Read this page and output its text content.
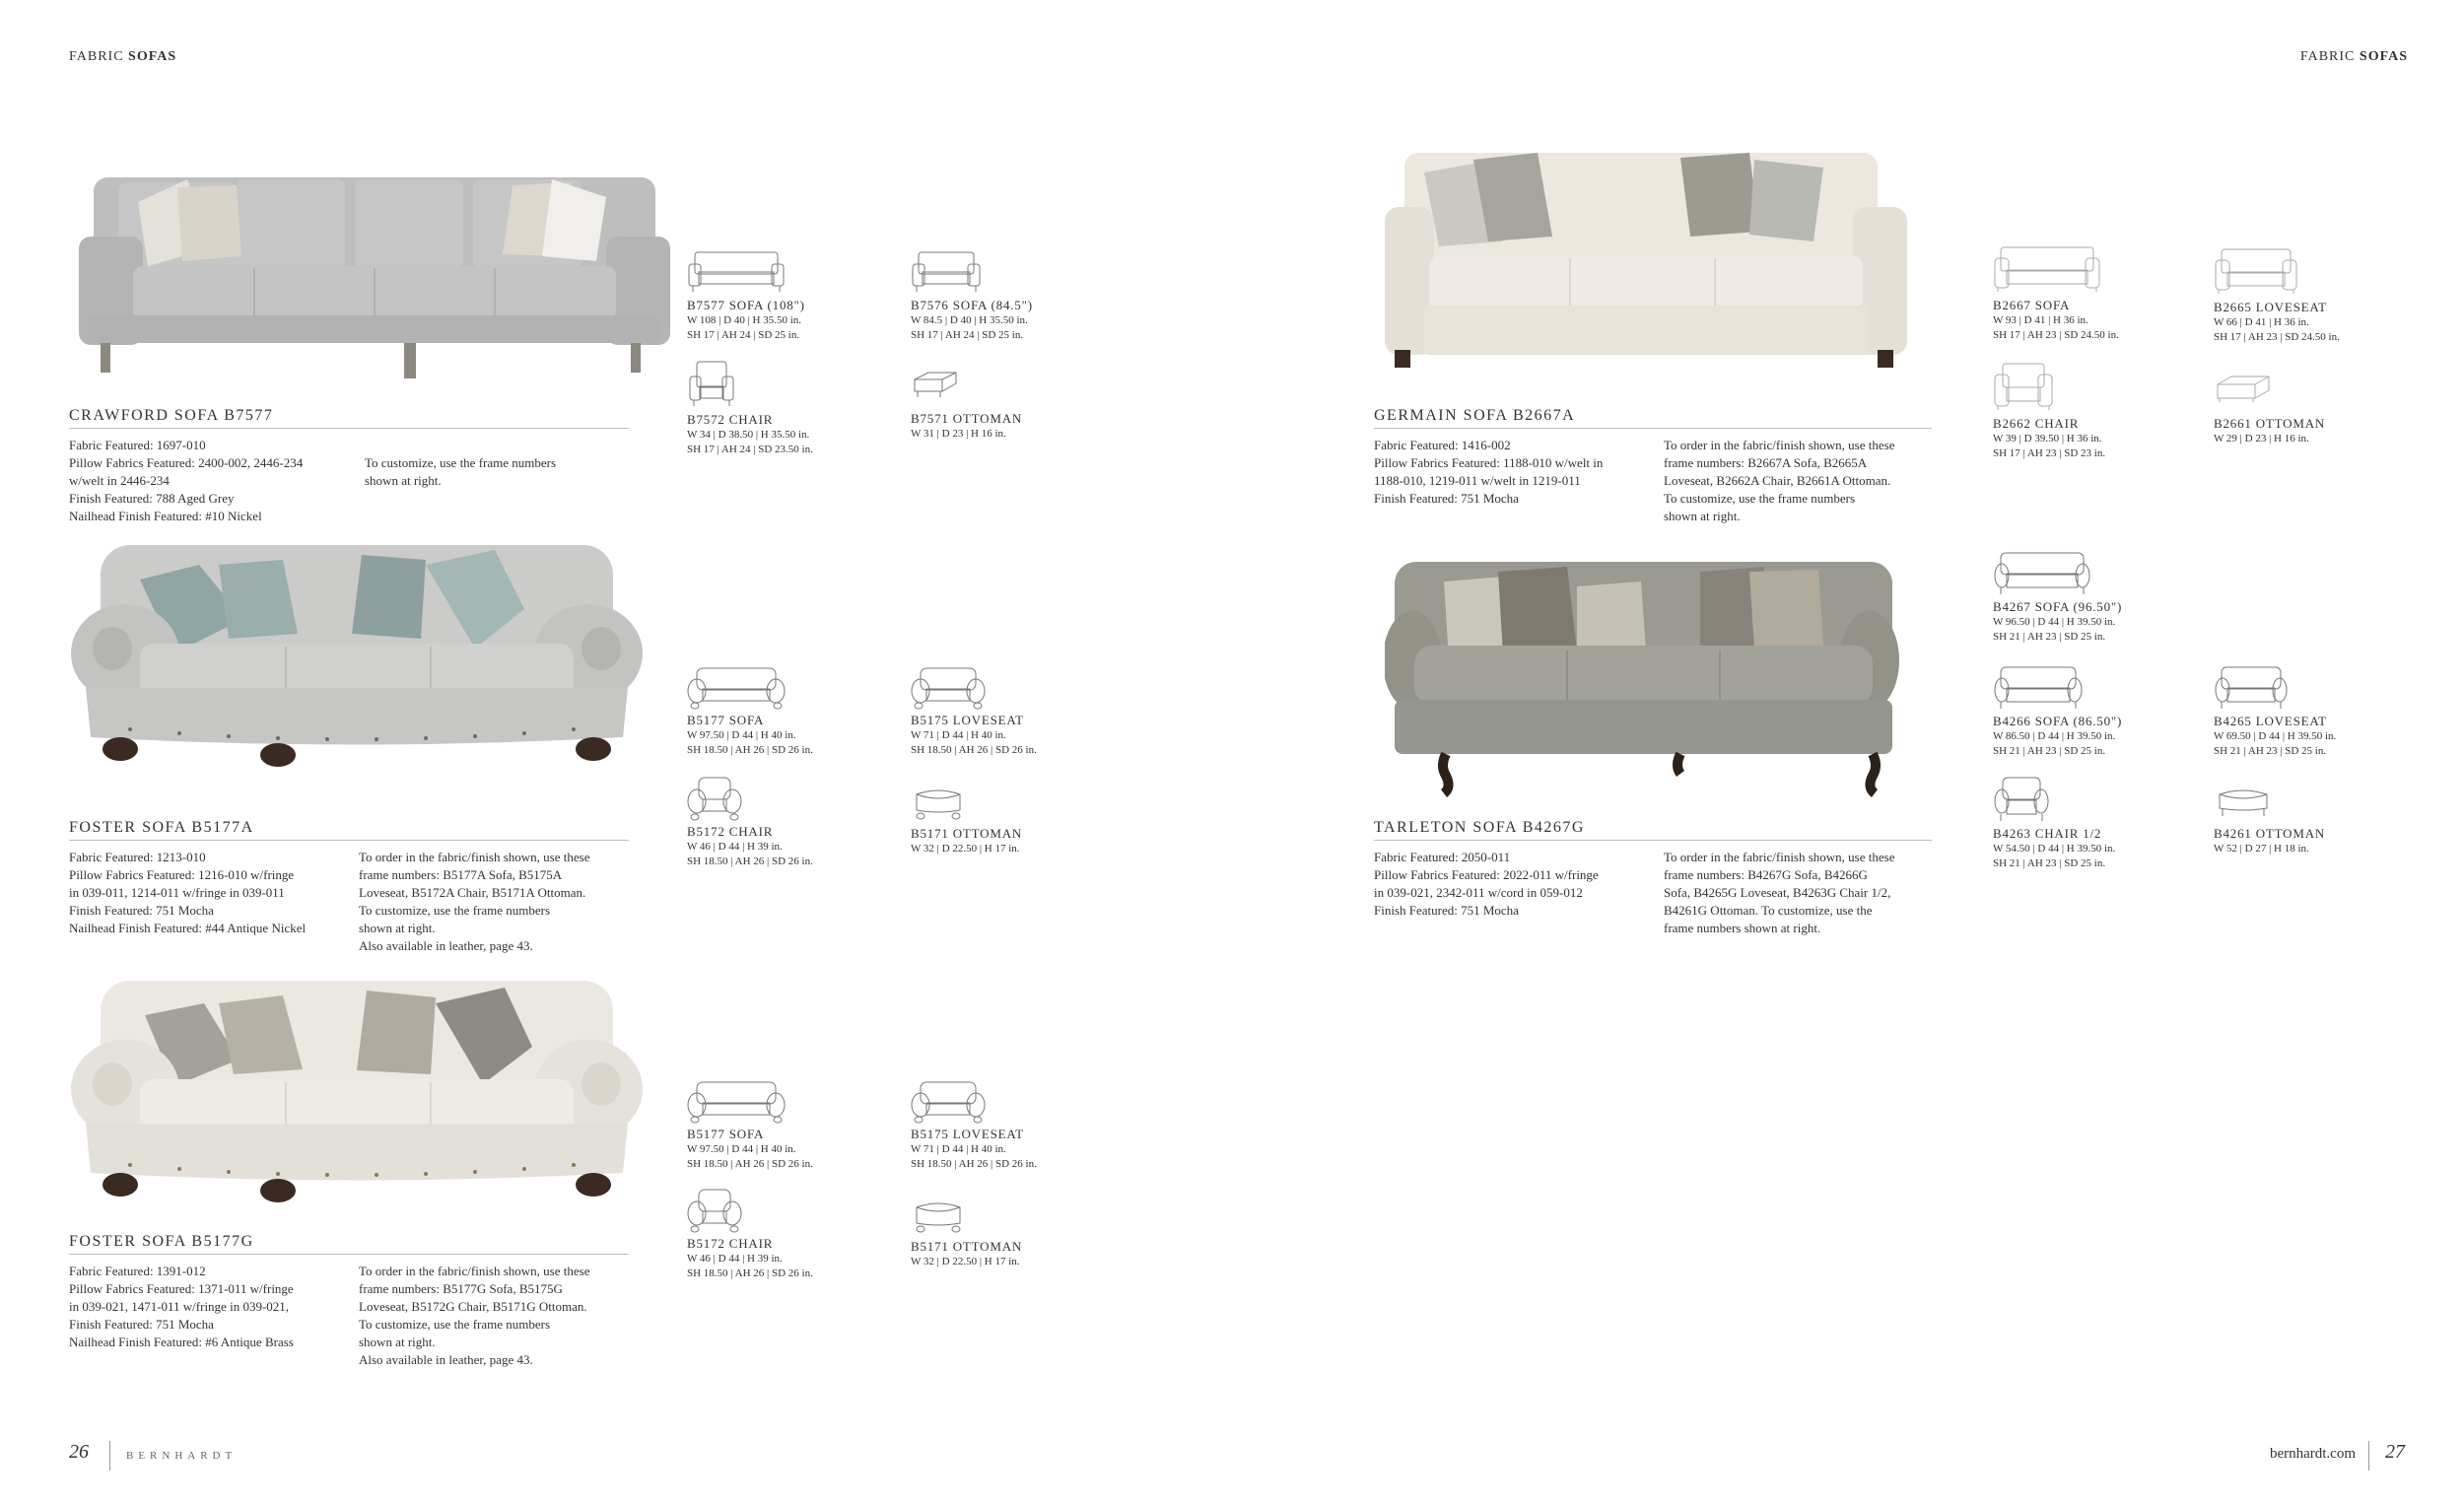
FABRIC SOFAS	FABRIC SOFAS
CRAWFORD SOFA B7577
Fabric Featured: 1697-010
Pillow Fabrics Featured: 2400-002, 2446-234
w/welt in 2446-234
Finish Featured: 788 Aged Grey
Nailhead Finish Featured: #10 Nickel
To customize, use the frame numbers
shown at right.
B7577 SOFA (108")
W 108 | D 40 | H 35.50 in.
SH 17 | AH 24 | SD 25 in.
B7576 SOFA (84.5")
W 84.5 | D 40 | H 35.50 in.
SH 17 | AH 24 | SD 25 in.
B7572 CHAIR
W 34 | D 38.50 | H 35.50 in.
SH 17 | AH 24 | SD 23.50 in.
B7571 OTTOMAN
W 31 | D 23 | H 16 in.
FOSTER SOFA B5177A
Fabric Featured: 1213-010
Pillow Fabrics Featured: 1216-010 w/fringe
in 039-011, 1214-011 w/fringe in 039-011
Finish Featured: 751 Mocha
Nailhead Finish Featured: #44 Antique Nickel
To order in the fabric/finish shown, use these
frame numbers: B5177A Sofa, B5175A
Loveseat, B5172A Chair, B5171A Ottoman.
To customize, use the frame numbers
shown at right.
Also available in leather, page 43.
B5177 SOFA
W 97.50 | D 44 | H 40 in.
SH 18.50 | AH 26 | SD 26 in.
B5175 LOVESEAT
W 71 | D 44 | H 40 in.
SH 18.50 | AH 26 | SD 26 in.
B5172 CHAIR
W 46 | D 44 | H 39 in.
SH 18.50 | AH 26 | SD 26 in.
B5171 OTTOMAN
W 32 | D 22.50 | H 17 in.
FOSTER SOFA B5177G
Fabric Featured: 1391-012
Pillow Fabrics Featured: 1371-011 w/fringe
in 039-021, 1471-011 w/fringe in 039-021,
Finish Featured: 751 Mocha
Nailhead Finish Featured: #6 Antique Brass
To order in the fabric/finish shown, use these
frame numbers: B5177G Sofa, B5175G
Loveseat, B5172G Chair, B5171G Ottoman.
To customize, use the frame numbers
shown at right.
Also available in leather, page 43.
B5177 SOFA
W 97.50 | D 44 | H 40 in.
SH 18.50 | AH 26 | SD 26 in.
B5175 LOVESEAT
W 71 | D 44 | H 40 in.
SH 18.50 | AH 26 | SD 26 in.
B5172 CHAIR
W 46 | D 44 | H 39 in.
SH 18.50 | AH 26 | SD 26 in.
B5171 OTTOMAN
W 32 | D 22.50 | H 17 in.
GERMAIN SOFA B2667A
Fabric Featured: 1416-002
Pillow Fabrics Featured: 1188-010 w/welt in
1188-010, 1219-011 w/welt in 1219-011
Finish Featured: 751 Mocha
To order in the fabric/finish shown, use these
frame numbers: B2667A Sofa, B2665A
Loveseat, B2662A Chair, B2661A Ottoman.
To customize, use the frame numbers
shown at right.
B2667 SOFA
W 93 | D 41 | H 36 in.
SH 17 | AH 23 | SD 24.50 in.
B2665 LOVESEAT
W 66 | D 41 | H 36 in.
SH 17 | AH 23 | SD 24.50 in.
B2662 CHAIR
W 39 | D 39.50 | H 36 in.
SH 17 | AH 23 | SD 23 in.
B2661 OTTOMAN
W 29 | D 23 | H 16 in.
TARLETON SOFA B4267G
Fabric Featured: 2050-011
Pillow Fabrics Featured: 2022-011 w/fringe
in 039-021, 2342-011 w/cord in 059-012
Finish Featured: 751 Mocha
To order in the fabric/finish shown, use these
frame numbers: B4267G Sofa, B4266G
Sofa, B4265G Loveseat, B4263G Chair 1/2,
B4261G Ottoman. To customize, use the
frame numbers shown at right.
B4267 SOFA (96.50")
W 96.50 | D 44 | H 39.50 in.
SH 21 | AH 23 | SD 25 in.
B4266 SOFA (86.50")
W 86.50 | D 44 | H 39.50 in.
SH 21 | AH 23 | SD 25 in.
B4265 LOVESEAT
W 69.50 | D 44 | H 39.50 in.
SH 21 | AH 23 | SD 25 in.
B4263 CHAIR 1/2
W 54.50 | D 44 | H 39.50 in.
SH 21 | AH 23 | SD 25 in.
B4261 OTTOMAN
W 52 | D 27 | H 18 in.
26	BERNHARDT	bernhardt.com 27
